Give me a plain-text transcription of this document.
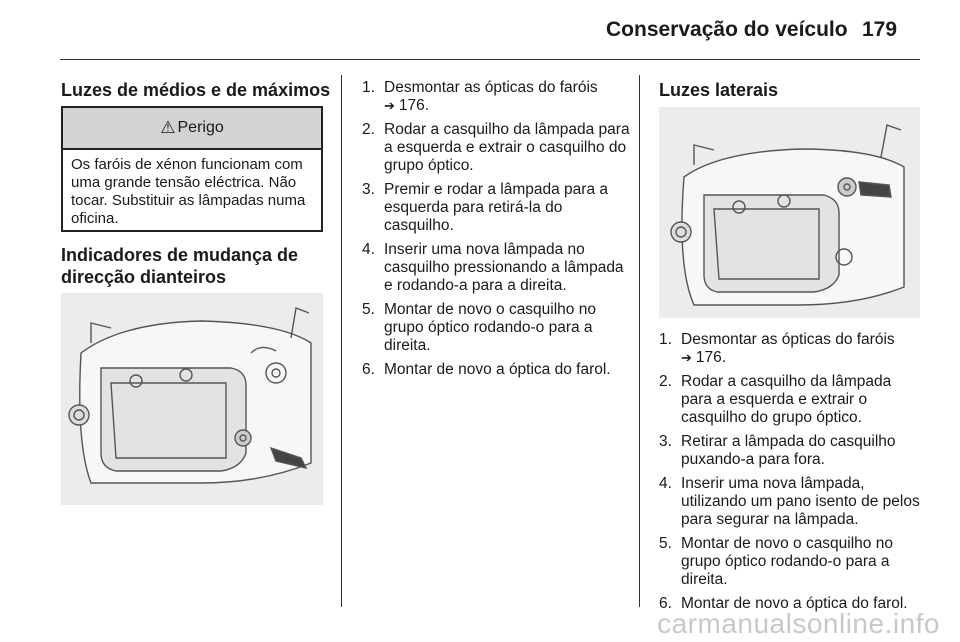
Conservação do veículo 179
Luzes de médios e de máximos
⚠ Perigo
Os faróis de xénon funcionam com uma grande tensão eléctrica. Não tocar. Substituir as lâmpadas numa oficina.
Indicadores de mudança de
direcção dianteiros
1. Desmontar as ópticas do faróis
➔ 176.
2. Rodar a casquilho da lâmpada para a esquerda e extrair o casquilho do grupo óptico.
3. Premir e rodar a lâmpada para a esquerda para retirá-la do casquilho.
4. Inserir uma nova lâmpada no casquilho pressionando a lâmpada e rodando-a para a direita.
5. Montar de novo o casquilho no grupo óptico rodando-o para a direita.
6. Montar de novo a óptica do farol.
Luzes laterais
1. Desmontar as ópticas do faróis
➔ 176.
2. Rodar a casquilho da lâmpada para a esquerda e extrair o casquilho do grupo óptico.
3. Retirar a lâmpada do casquilho puxando-a para fora.
4. Inserir uma nova lâmpada, utilizando um pano isento de pelos para segurar na lâmpada.
5. Montar de novo o casquilho no grupo óptico rodando-o para a direita.
6. Montar de novo a óptica do farol.
carmanualsonline.info
